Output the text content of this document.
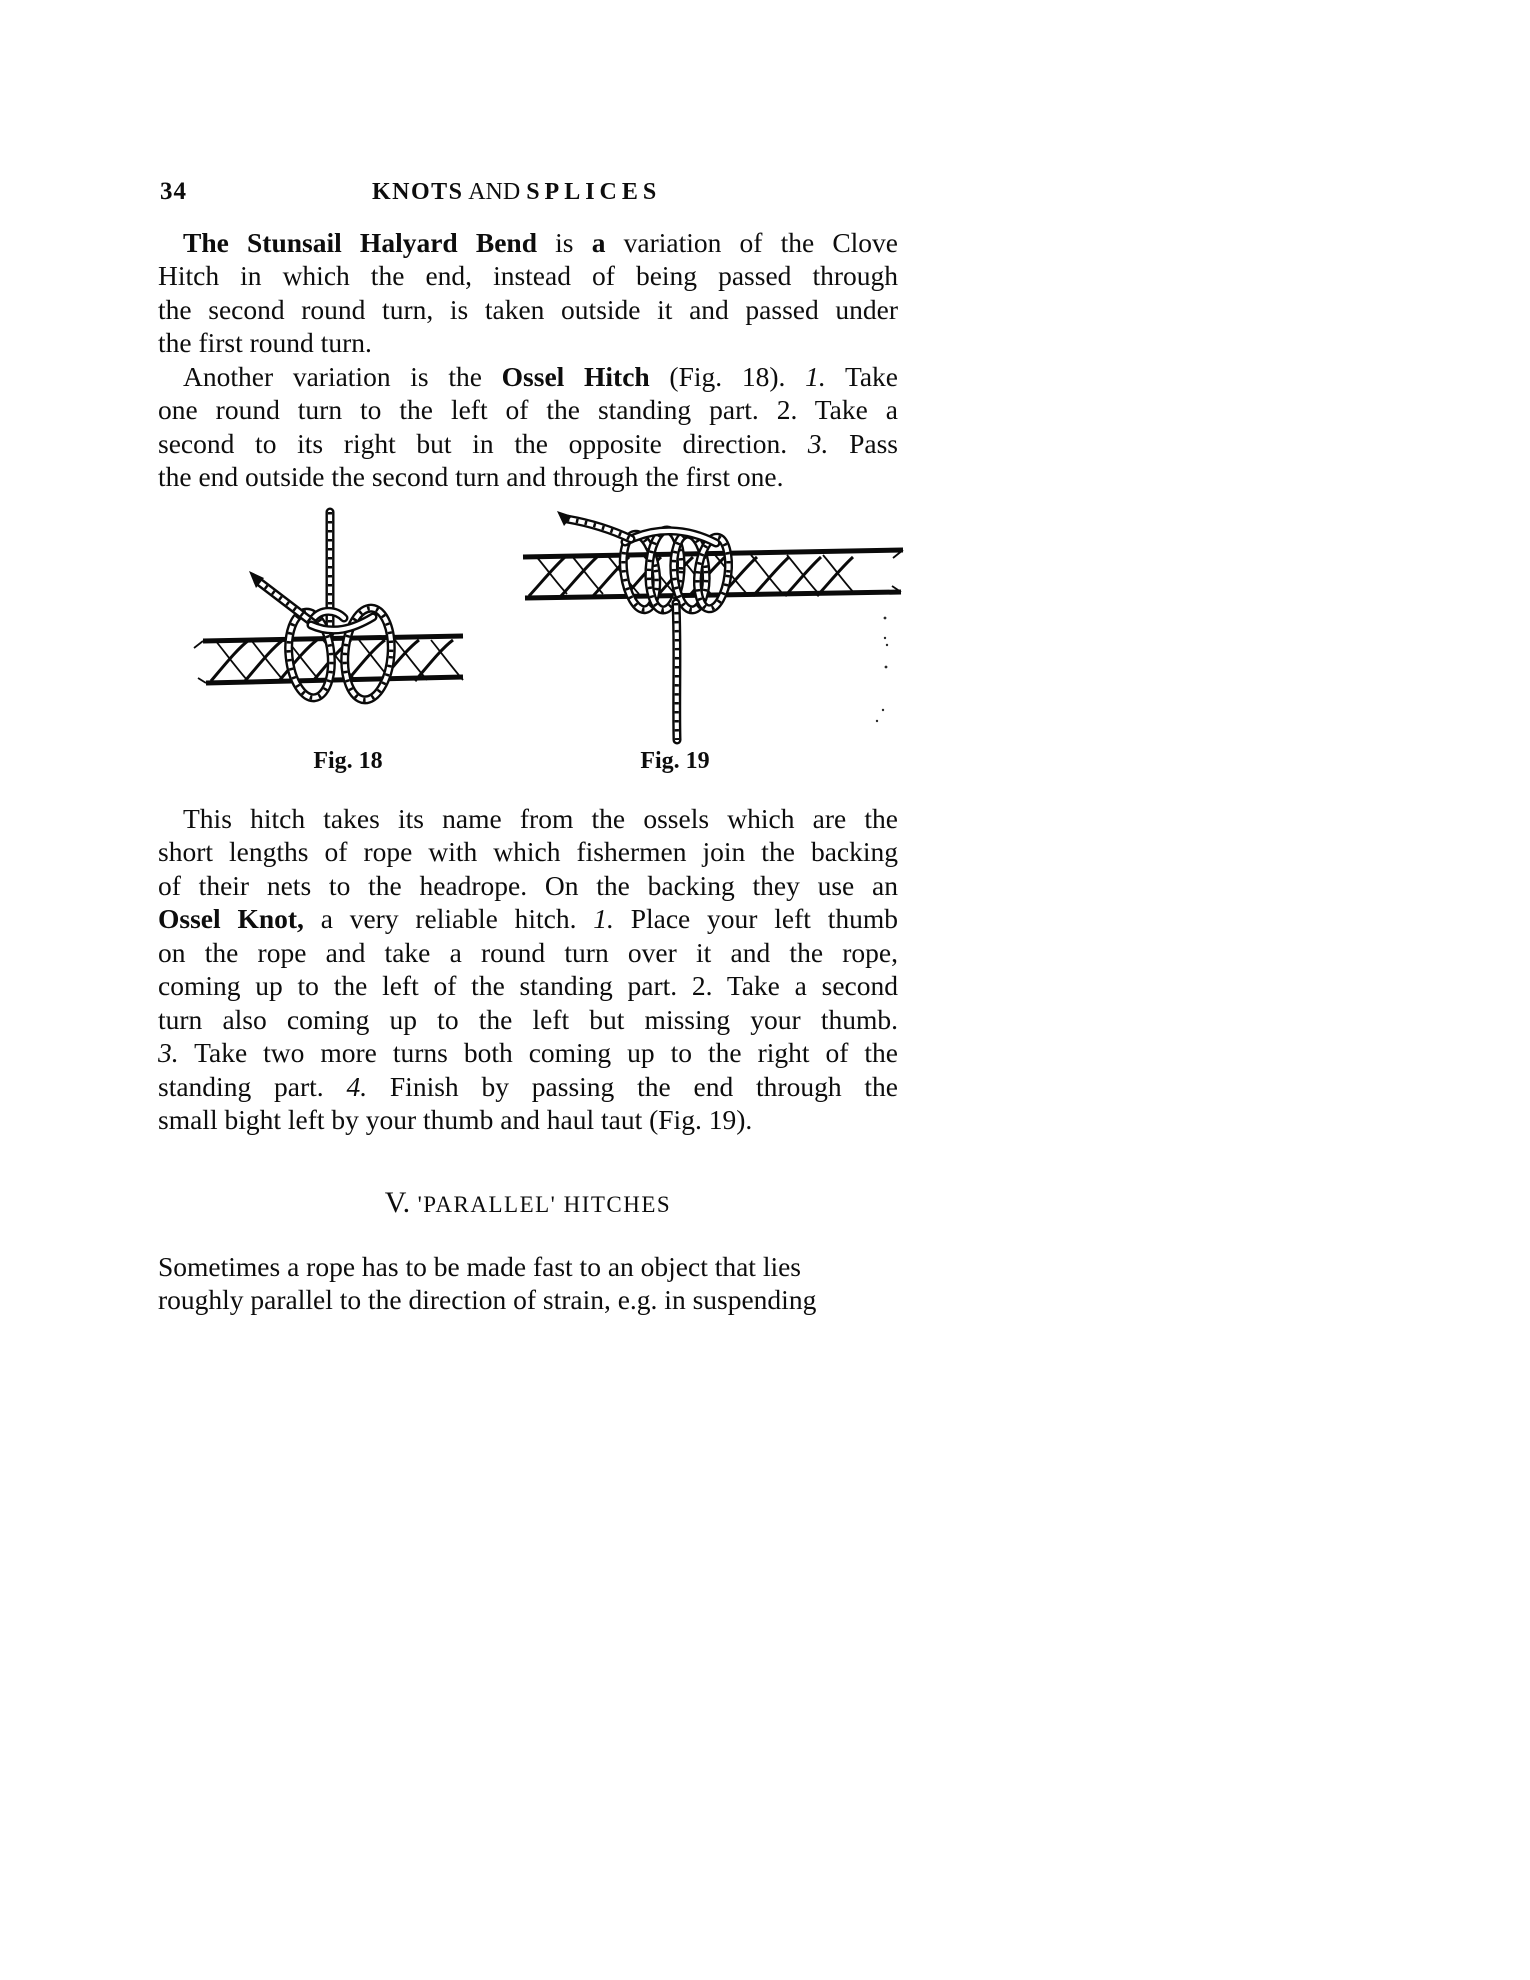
34	KNOTS AND SPLICES
The Stunsail Halyard Bend is a variation of the Clove
Hitch in which the end, instead of being passed through
the second round turn, is taken outside it and passed under
the first round turn.
Another variation is the Ossel Hitch (Fig. 18). 1. Take
one round turn to the left of the standing part. 2. Take a
second to its right but in the opposite direction. 3. Pass
the end outside the second turn and through the first one.
Fig. 18	Fig. 19
This hitch takes its name from the ossels which are the
short lengths of rope with which fishermen join the backing
of their nets to the headrope. On the backing they use an
Ossel Knot, a very reliable hitch. 1. Place your left thumb
on the rope and take a round turn over it and the rope,
coming up to the left of the standing part. 2. Take a second
turn also coming up to the left but missing your thumb.
3. Take two more turns both coming up to the right of the
standing part. 4. Finish by passing the end through the
small bight left by your thumb and haul taut (Fig. 19).
V. 'PARALLEL' HITCHES
Sometimes a rope has to be made fast to an object that lies
roughly parallel to the direction of strain, e.g. in suspending
